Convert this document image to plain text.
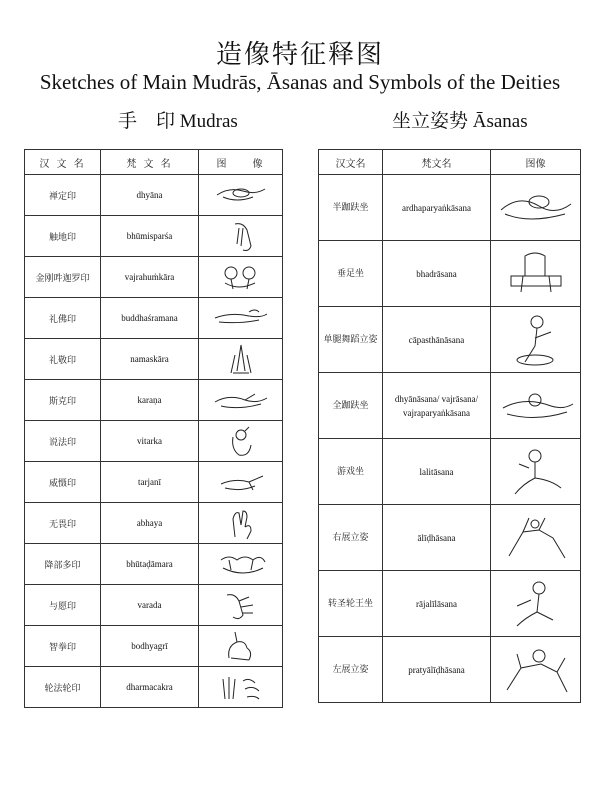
造像特征释图
Sketches of Main Mudrās, Āsanas and Symbols of the Deities
手　印 Mudras	坐立姿势 Āsanas
汉 文 名	梵 文 名	图　　像
禅定印	dhyāna	

触地印	bhūmisparśa	

金刚吽迦罗印	vajrahuṁkāra	

礼佛印	buddhaśramana	

礼敬印	namaskāra	

斯克印	karaṇa	

说法印	vitarka	

威慑印	tarjanī	

无畏印	abhaya	

降部多印	bhūtaḍāmara	

与愿印	varada	

智拳印	bodhyagrī	

轮法轮印	dharmacakra	
汉文名	梵文名	图像
半跏趺坐	ardhaparyaṅkāsana	

垂足坐	bhadrāsana	

单腿舞蹈立姿	cāpasthānāsana	

全跏趺坐	dhyānāsana/ vajrāsana/ vajraparyaṅkāsana	

游戏坐	lalitāsana	

右展立姿	ālīḍhāsana	

转圣轮王坐	rājalīlāsana	

左展立姿	pratyālīḍhāsana	
